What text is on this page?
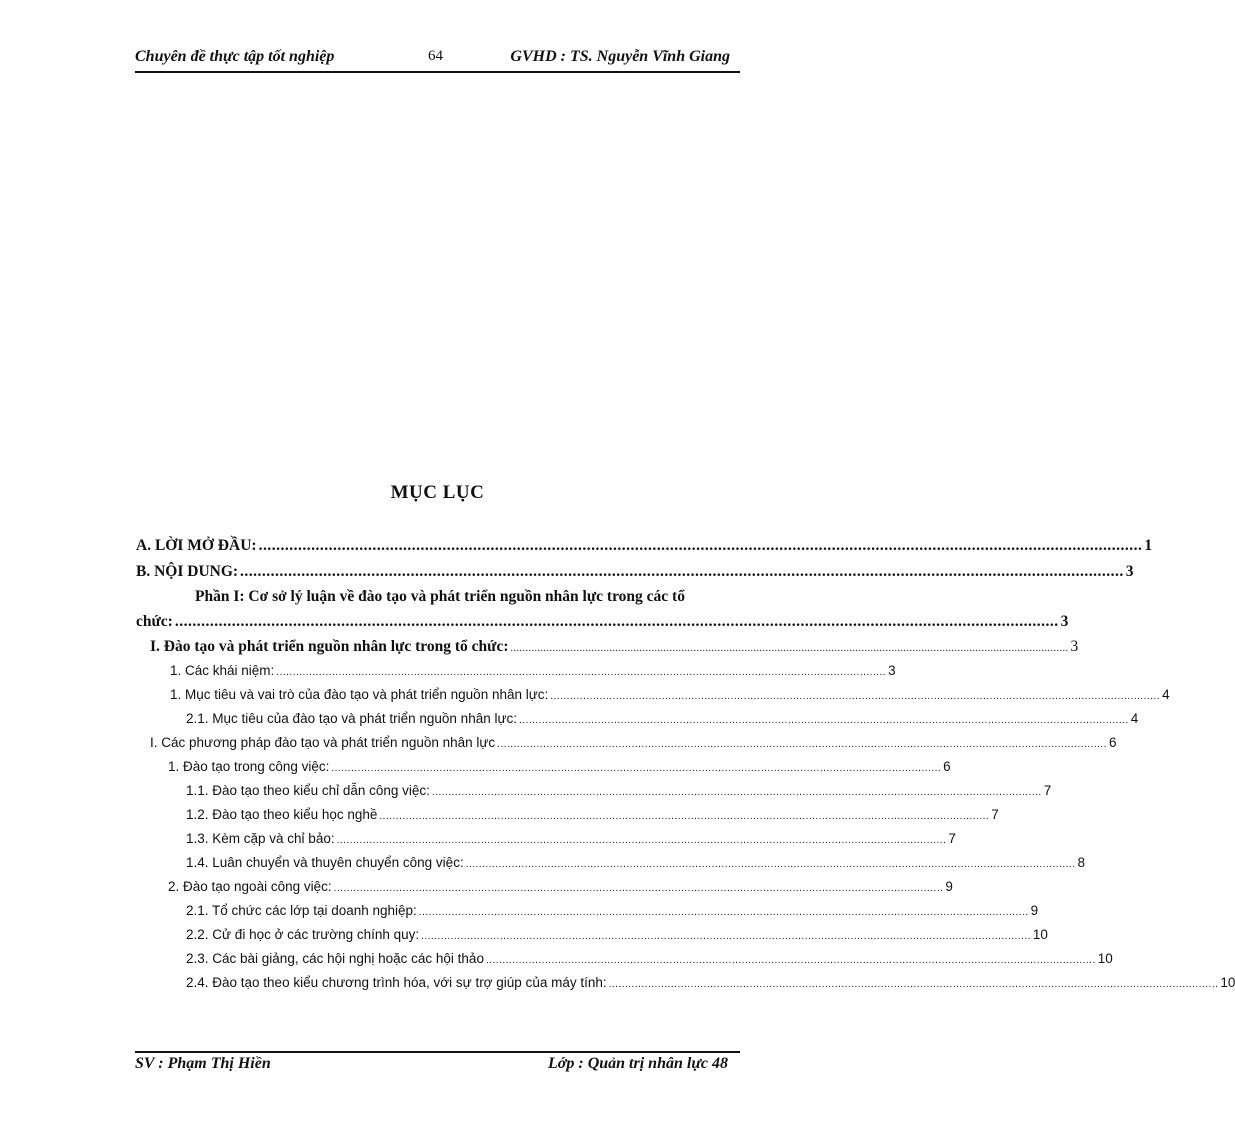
Chuyên đề thực tập tốt nghiệp	64	GVHD : TS. Nguyễn Vĩnh Giang
MỤC LỤC
A. LỜI MỞ ĐẦU: .......................................................................................................................................................................................................... 1
B. NỘI DUNG: .......................................................................................................................................................................................................... 3
Phần I: Cơ sở lý luận về đào tạo và phát triển nguồn nhân lực trong các tổ
chức: .......................................................................................................................................................................................................... 3
I. Đào tạo và phát triển nguồn nhân lực trong tổ chức: .......................................................................................................................................................................................... 3
1. Các khái niệm: .......................................................................................................................................................................................... 3
1. Mục tiêu và vai trò của đào tạo và phát triển nguồn nhân lực: .......................................................................................................................................................................................... 4
2.1. Mục tiêu của đào tạo và phát triển nguồn nhân lực: .......................................................................................................................................................................................... 4
I. Các phương pháp đào tạo và phát triển nguồn nhân lực .......................................................................................................................................................................................... 6
1. Đào tạo trong công việc: .......................................................................................................................................................................................... 6
1.1. Đào tạo theo kiểu chỉ dẫn công việc: .......................................................................................................................................................................................... 7
1.2. Đào tạo theo kiểu học nghề .......................................................................................................................................................................................... 7
1.3. Kèm cặp và chỉ bảo: .......................................................................................................................................................................................... 7
1.4. Luân chuyển và thuyên chuyển công việc: .......................................................................................................................................................................................... 8
2. Đào tạo ngoài công việc: .......................................................................................................................................................................................... 9
2.1. Tổ chức các lớp tại doanh nghiệp: .......................................................................................................................................................................................... 9
2.2. Cử đi học ở các trường chính quy: .......................................................................................................................................................................................... 10
2.3. Các bài giảng, các hội nghị hoặc các hội thảo .......................................................................................................................................................................................... 10
2.4. Đào tạo theo kiểu chương trình hóa, với sự trợ giúp của máy tính: .......................................................................................................................................................................................... 10
SV : Phạm Thị Hiền	Lớp : Quản trị nhân lực 48
